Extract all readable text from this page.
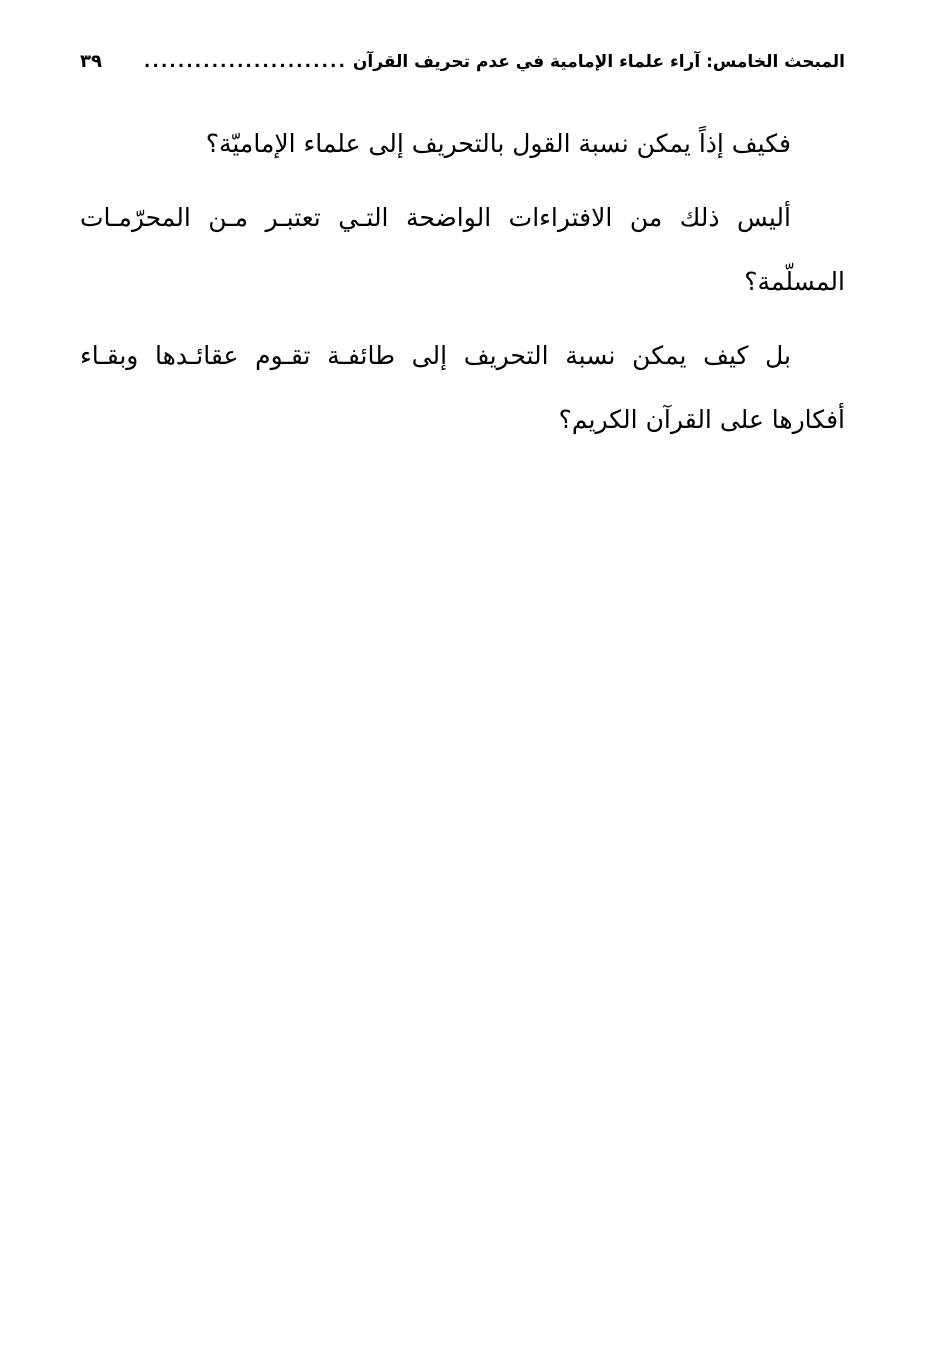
المبحث الخامس: آراء علماء الإمامية في عدم تحريف القرآن
........................
٣٩

فكيف إذاً يمكن نسبة القول بالتحريف إلى علماء الإماميّة؟

أليس ذلك من الافتراءات الواضحة التـي تعتبـر مـن المحرّمـات المسلّمة؟

بل كيف يمكن نسبة التحريف إلى طائفـة تقـوم عقائـدها وبقـاء أفكارها على القرآن الكريم؟
